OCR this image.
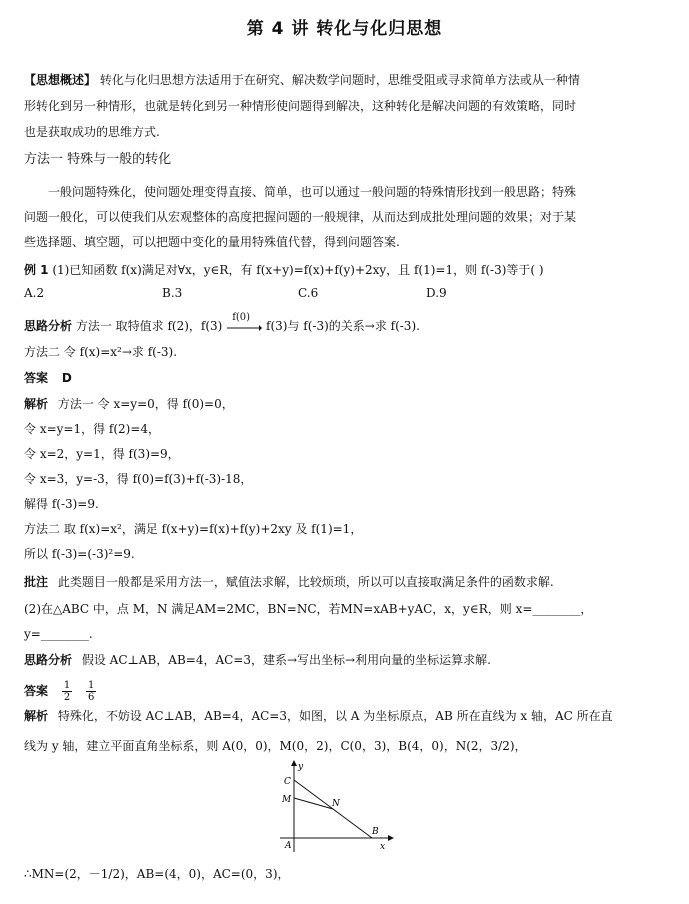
第 4 讲 转化与化归思想
【思想概述】 转化与化归思想方法适用于在研究、解决数学问题时，思维受阻或寻求简单方法或从一种情
形转化到另一种情形，也就是转化到另一种情形使问题得到解决，这种转化是解决问题的有效策略，同时
也是获取成功的思维方式.
方法一 特殊与一般的转化
一般问题特殊化，使问题处理变得直接、简单，也可以通过一般问题的特殊情形找到一般思路；特殊
问题一般化，可以使我们从宏观整体的高度把握问题的一般规律，从而达到成批处理问题的效果；对于某
些选择题、填空题，可以把题中变化的量用特殊值代替，得到问题答案.
例 1 (1)已知函数 f(x)满足对∀x，y∈R，有 f(x+y)=f(x)+f(y)+2xy，且 f(1)=1，则 f(-3)等于( )
A.2	B.3	C.6	D.9
思路分析 方法一 取特值求 f(2)，f(3)
f(0)
f(3)与 f(-3)的关系→求 f(-3).
方法二 令 f(x)=x²→求 f(-3).
答案 D
解析 方法一 令 x=y=0，得 f(0)=0，
令 x=y=1，得 f(2)=4，
令 x=2，y=1，得 f(3)=9，
令 x=3，y=-3，得 f(0)=f(3)+f(-3)-18，
解得 f(-3)=9.
方法二 取 f(x)=x²，满足 f(x+y)=f(x)+f(y)+2xy 及 f(1)=1，
所以 f(-3)=(-3)²=9.
批注 此类题目一般都是采用方法一，赋值法求解，比较烦琐，所以可以直接取满足条件的函数求解.
(2)在△ABC 中，点 M，N 满足AM=2MC，BN=NC，若MN=xAB+yAC，x，y∈R，则 x=________，
y=________.
思路分析 假设 AC⊥AB，AB=4，AC=3，建系→写出坐标→利用向量的坐标运算求解.
答案 $\frac{1}{2}$
$\frac{1}{6}$
解析 特殊化，不妨设 AC⊥AB，AB=4，AC=3，如图，以 A 为坐标原点，AB 所在直线为 x 轴，AC 所在直
线为 y 轴，建立平面直角坐标系，则 A(0，0)，M(0，2)，C(0，3)，B(4，0)，N(2，3/2)，
y
C
M	N
B
A	x
∴MN=(2，－1/2)，AB=(4，0)，AC=(0，3)，
